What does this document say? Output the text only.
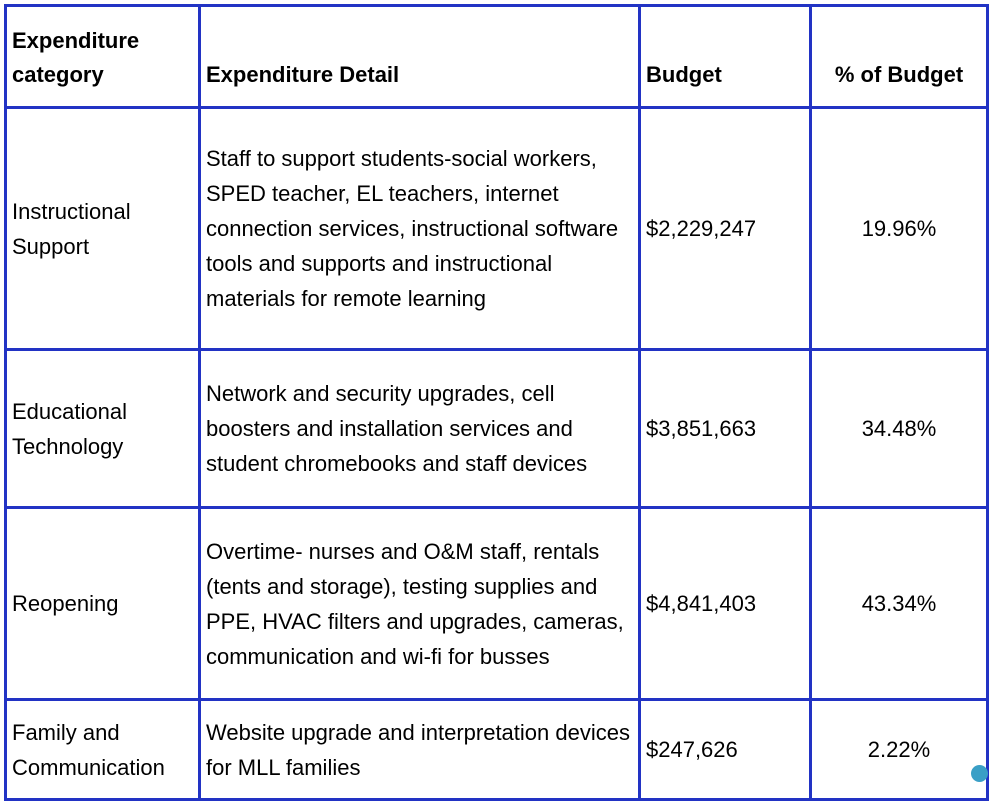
Expenditure category	Expenditure Detail	Budget	% of Budget
Instructional Support	Staff to support students-social workers, SPED teacher, EL teachers, internet connection services, instructional software tools and supports and instructional materials for remote learning	$2,229,247	19.96%
Educational Technology	Network and security upgrades, cell boosters and installation services and student chromebooks and staff devices	$3,851,663	34.48%
Reopening	Overtime- nurses and O&M staff, rentals (tents and storage), testing supplies and PPE, HVAC filters and upgrades, cameras, communication and wi-fi for busses	$4,841,403	43.34%
Family and Communication	Website upgrade and interpretation devices for MLL families	$247,626	2.22%
